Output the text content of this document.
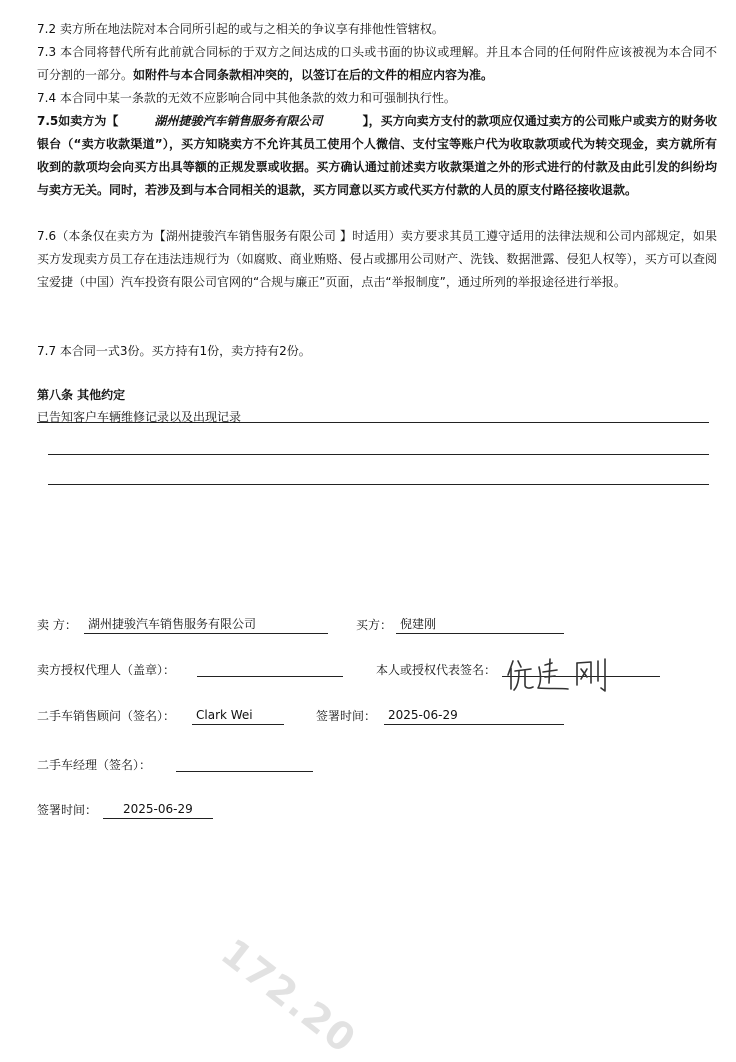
7.2 卖方所在地法院对本合同所引起的或与之相关的争议享有排他性管辖权。
7.3 本合同将替代所有此前就合同标的于双方之间达成的口头或书面的协议或理解。并且本合同的任何附件应该被视为本合同不可分割的一部分。如附件与本合同条款相冲突的，以签订在后的文件的相应内容为准。
7.4 本合同中某一条款的无效不应影响合同中其他条款的效力和可强制执行性。
7.5如卖方为【	湖州捷骏汽车销售服务有限公司	】，买方向卖方支付的款项应仅通过卖方的公司账户或卖方的财务收银台（“卖方收款渠道”），买方知晓卖方不允许其员工使用个人微信、支付宝等账户代为收取款项或代为转交现金，卖方就所有收到的款项均会向买方出具等额的正规发票或收据。买方确认通过前述卖方收款渠道之外的形式进行的付款及由此引发的纠纷均与卖方无关。同时，若涉及到与本合同相关的退款，买方同意以买方或代买方付款的人员的原支付路径接收退款。
7.6（本条仅在卖方为【湖州捷骏汽车销售服务有限公司 】时适用）卖方要求其员工遵守适用的法律法规和公司内部规定，如果买方发现卖方员工存在违法违规行为（如腐败、商业贿赂、侵占或挪用公司财产、洗钱、数据泄露、侵犯人权等），买方可以查阅宝爱捷（中国）汽车投资有限公司官网的“合规与廉正”页面，点击“举报制度”，通过所列的举报途径进行举报。
7.7 本合同一式3份。买方持有1份，卖方持有2份。
第八条 其他约定
已告知客户车辆维修记录以及出现记录
卖 方： 湖州捷骏汽车销售服务有限公司	买方： 倪建刚
卖方授权代理人（盖章）：	本人或授权代表签名：
二手车销售顾问（签名）：	Clark Wei	签署时间： 2025-06-29
二手车经理（签名）：
签署时间：	2025-06-29
172.20
